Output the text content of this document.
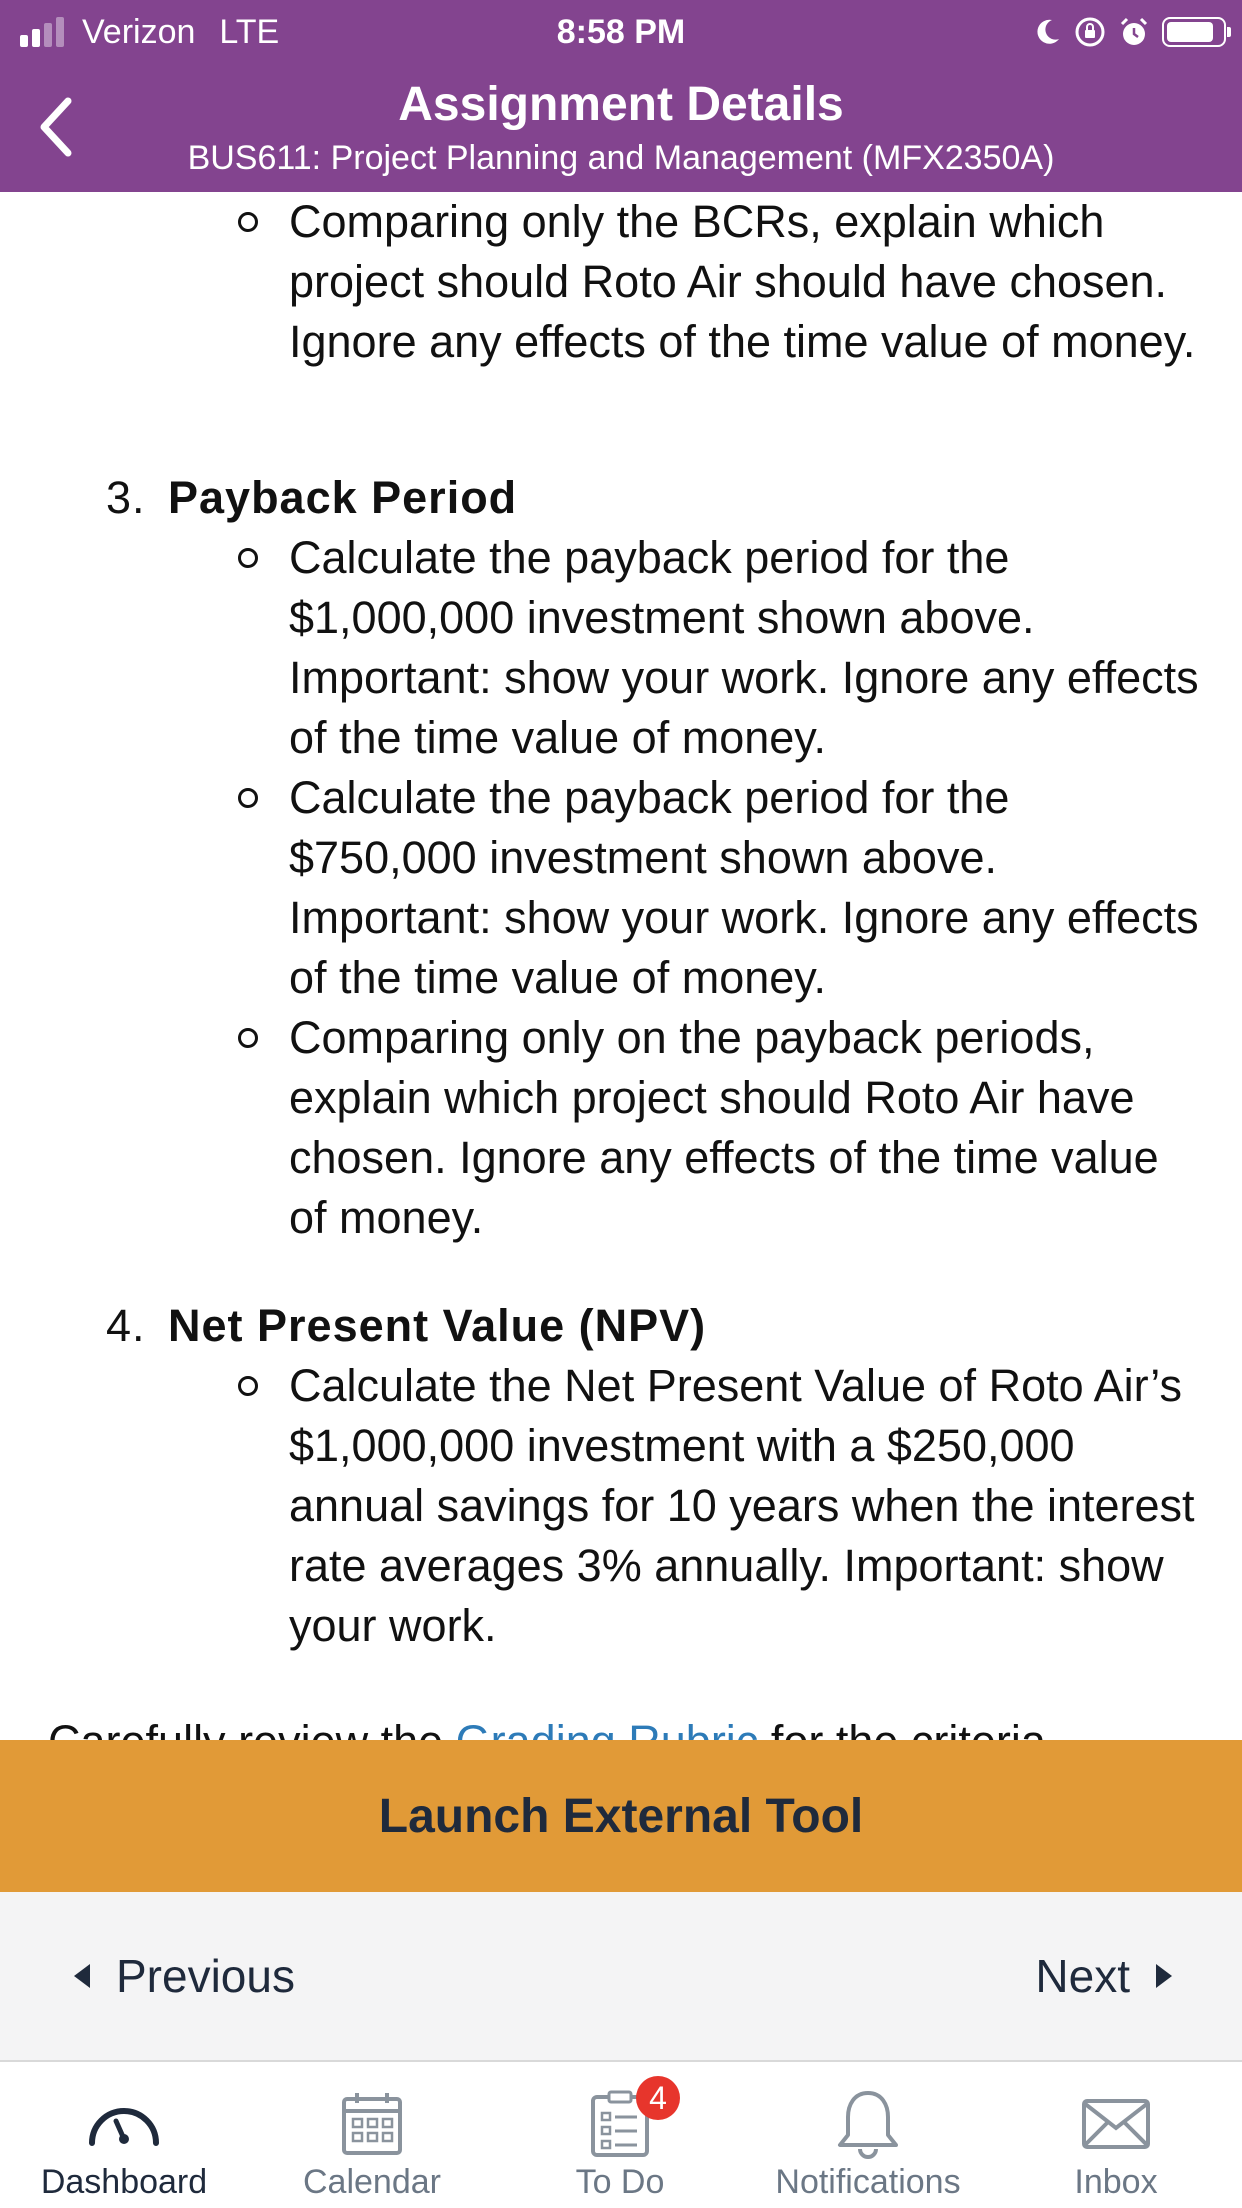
Verizon LTE	8:58 PM
Assignment Details
BUS611: Project Planning and Management (MFX2350A)
Comparing only the BCRs, explain which project should Roto Air should have chosen. Ignore any effects of the time value of money.
3. Payback Period
Calculate the payback period for the $1,000,000 investment shown above. Important: show your work. Ignore any effects of the time value of money.
Calculate the payback period for the $750,000 investment shown above. Important: show your work. Ignore any effects of the time value of money.
Comparing only on the payback periods, explain which project should Roto Air have chosen. Ignore any effects of the time value of money.
4. Net Present Value (NPV)
Calculate the Net Present Value of Roto Air’s $1,000,000 investment with a $250,000 annual savings for 10 years when the interest rate averages 3% annually. Important: show your work.
Launch External Tool
Previous	Next
Dashboard	Calendar
4
To Do	Notifications	Inbox
